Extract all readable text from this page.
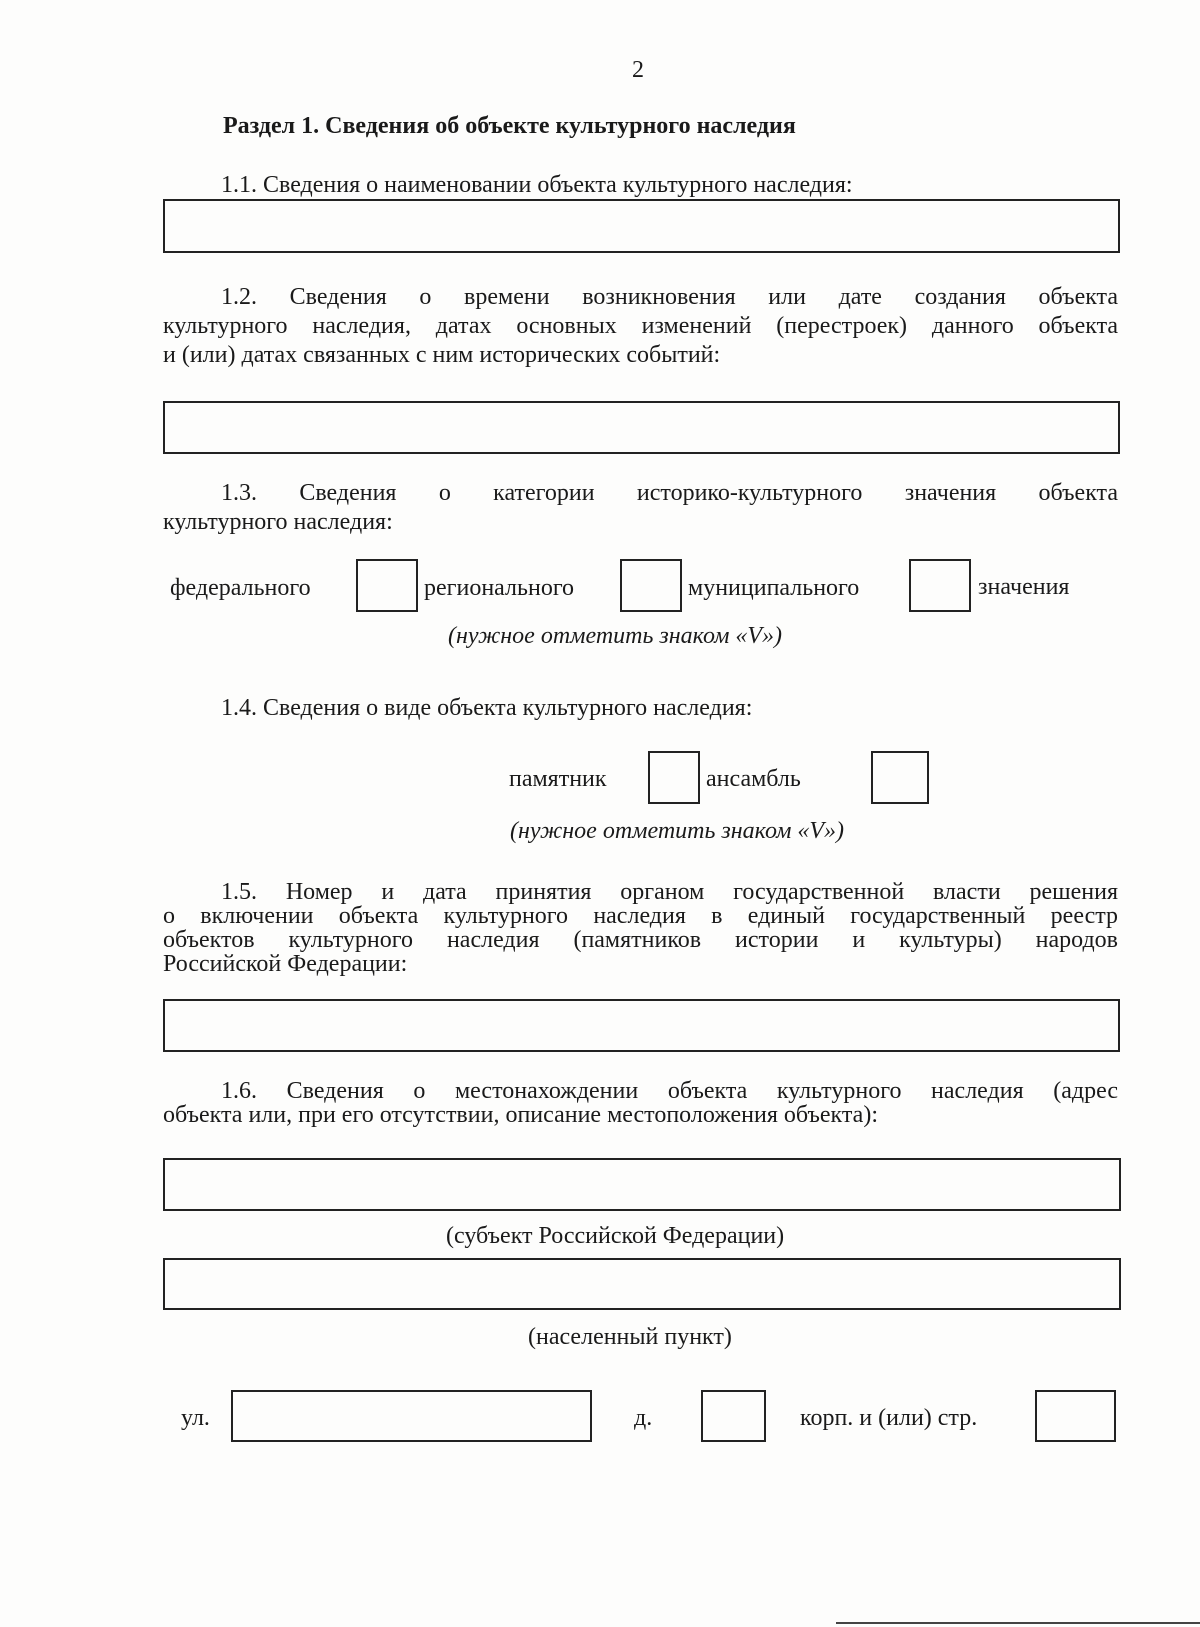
2
Раздел 1. Сведения об объекте культурного наследия
1.1. Сведения о наименовании объекта культурного наследия:
1.2. Сведения о времени возникновения или дате создания объекта
культурного наследия, датах основных изменений (перестроек) данного объекта
и (или) датах связанных с ним исторических событий:
1.3. Сведения о категории историко-культурного значения объекта
культурного наследия:
федерального	регионального	муниципального	значения
(нужное отметить знаком «V»)
1.4. Сведения о виде объекта культурного наследия:
памятник	ансамбль
(нужное отметить знаком «V»)
1.5. Номер и дата принятия органом государственной власти решения
о включении объекта культурного наследия в единый государственный реестр
объектов культурного наследия (памятников истории и культуры) народов
Российской Федерации:
1.6. Сведения о местонахождении объекта культурного наследия (адрес
объекта или, при его отсутствии, описание местоположения объекта):
(субъект Российской Федерации)
(населенный пункт)
ул.	д.	корп. и (или) стр.
